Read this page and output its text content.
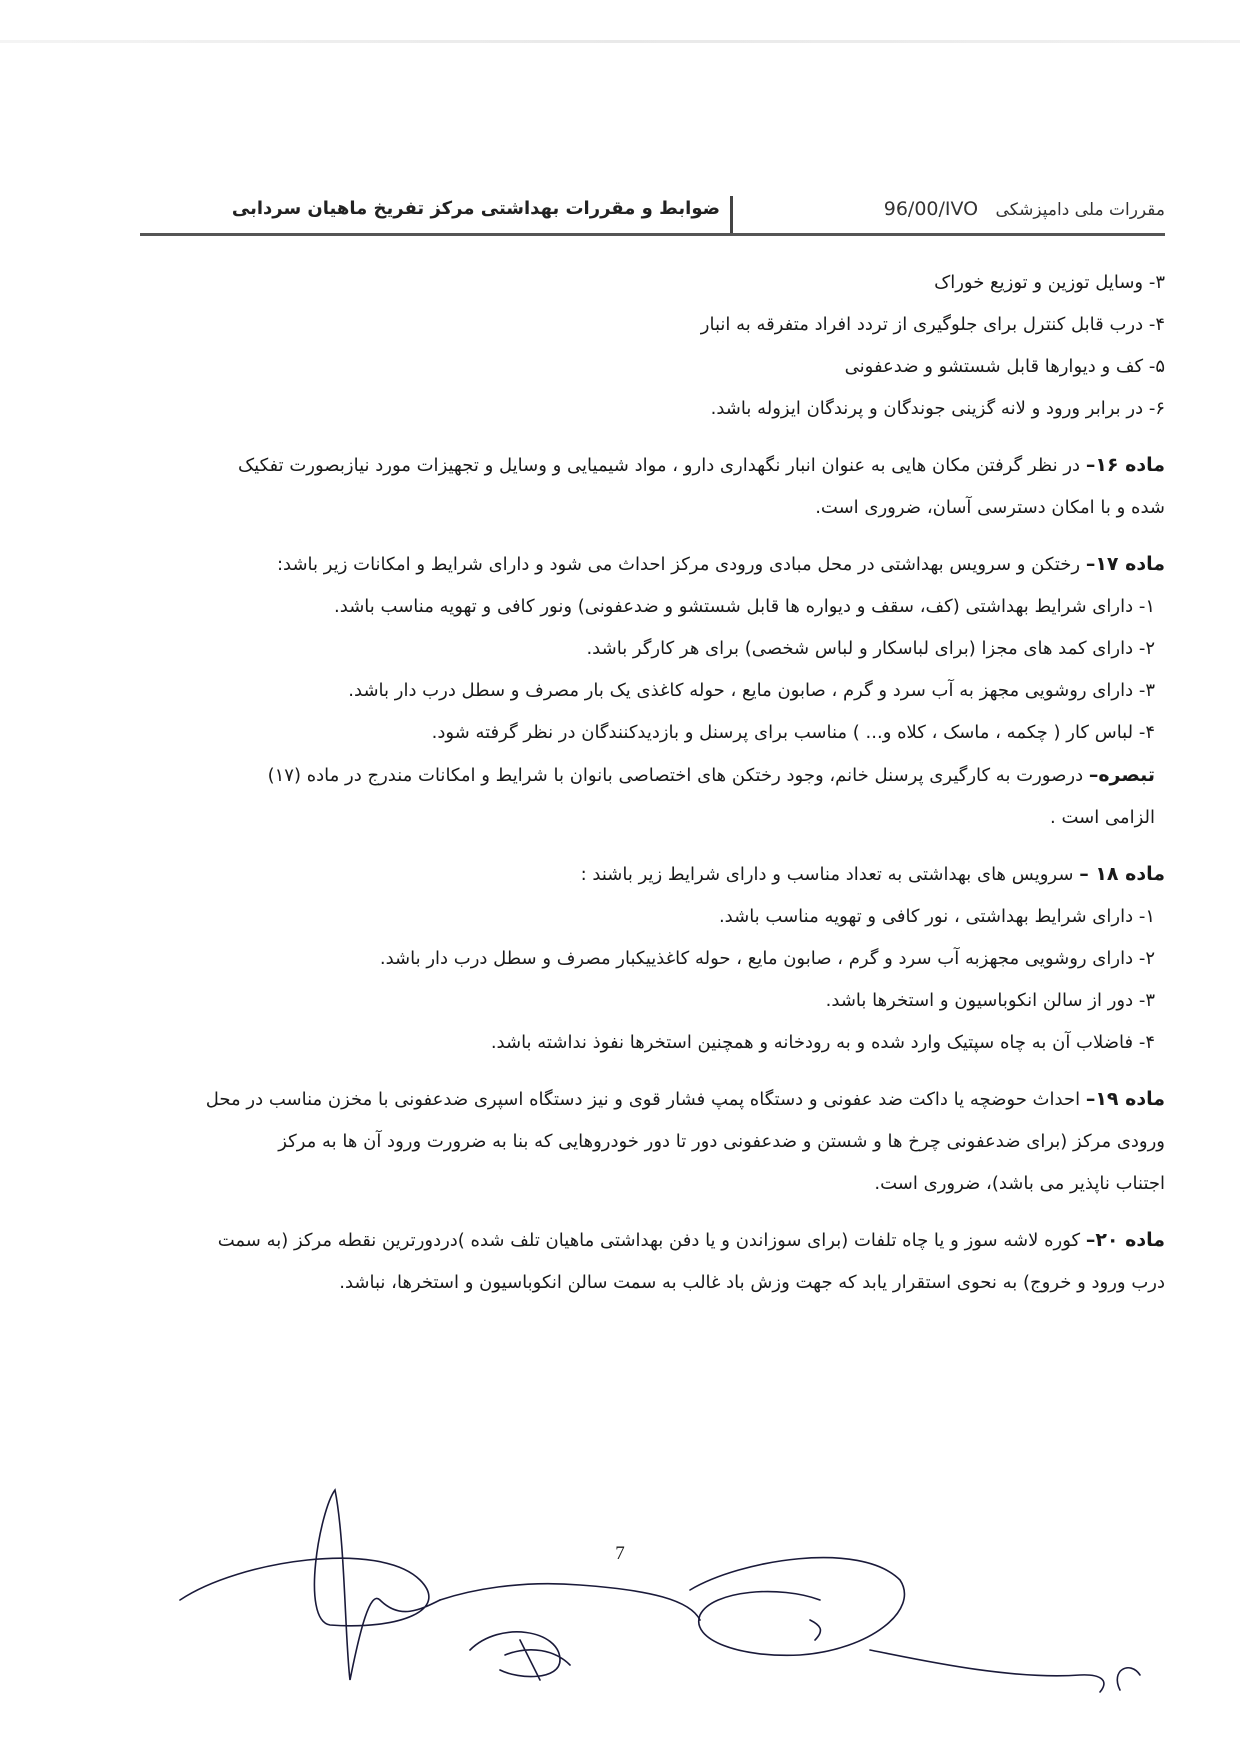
مقررات ملی دامپزشکی 96/00/IVO
ضوابط و مقررات بهداشتی مرکز تفریخ ماهیان سردابی
۳- وسایل توزین و توزیع خوراک
۴- درب قابل کنترل برای جلوگیری از تردد افراد متفرقه به انبار
۵- کف و دیوارها قابل شستشو و ضدعفونی
۶- در برابر ورود و لانه گزینی جوندگان و پرندگان ایزوله باشد.
ماده ۱۶– در نظر گرفتن مکان هایی به عنوان انبار نگهداری دارو ، مواد شیمیایی و وسایل و تجهیزات مورد نیازبصورت تفکیک
شده و با امکان دسترسی آسان، ضروری است.
ماده ۱۷– رختکن و سرویس بهداشتی در محل مبادی ورودی مرکز احداث می شود و دارای شرایط و امکانات زیر باشد:
۱- دارای شرایط بهداشتی (کف، سقف و دیواره ها قابل شستشو و ضدعفونی) ونور کافی و تهویه مناسب باشد.
۲- دارای کمد های مجزا (برای لباسکار و لباس شخصی) برای هر کارگر باشد.
۳- دارای روشویی مجهز به آب سرد و گرم ، صابون مایع ، حوله کاغذی یک بار مصرف و سطل درب دار باشد.
۴- لباس کار ( چکمه ، ماسک ، کلاه و... ) مناسب برای پرسنل و بازدیدکنندگان در نظر گرفته شود.
تبصره– درصورت به کارگیری پرسنل خانم، وجود رختکن های اختصاصی بانوان با شرایط و امکانات مندرج در ماده (۱۷)
الزامی است .
ماده ۱۸ – سرویس های بهداشتی به تعداد مناسب و دارای شرایط زیر باشند :
۱- دارای شرایط بهداشتی ، نور کافی و تهویه مناسب باشد.
۲- دارای روشویی مجهزبه آب سرد و گرم ، صابون مایع ، حوله کاغذییکبار مصرف و سطل درب دار باشد.
۳- دور از سالن انکوباسیون و استخرها باشد.
۴- فاضلاب آن به چاه سپتیک وارد شده و به رودخانه و همچنین استخرها نفوذ نداشته باشد.
ماده ۱۹– احداث حوضچه یا داکت ضد عفونی و دستگاه پمپ فشار قوی و نیز دستگاه اسپری ضدعفونی با مخزن مناسب در محل
ورودی مرکز (برای ضدعفونی چرخ ها و شستن و ضدعفونی دور تا دور خودروهایی که بنا به ضرورت ورود آن ها به مرکز
اجتناب ناپذیر می باشد)، ضروری است.
ماده ۲۰– کوره لاشه سوز و یا چاه تلفات (برای سوزاندن و یا دفن بهداشتی ماهیان تلف شده )دردورترین نقطه مرکز (به سمت
درب ورود و خروج) به نحوی استقرار یابد که جهت وزش باد غالب به سمت سالن انکوباسیون و استخرها، نباشد.
7
